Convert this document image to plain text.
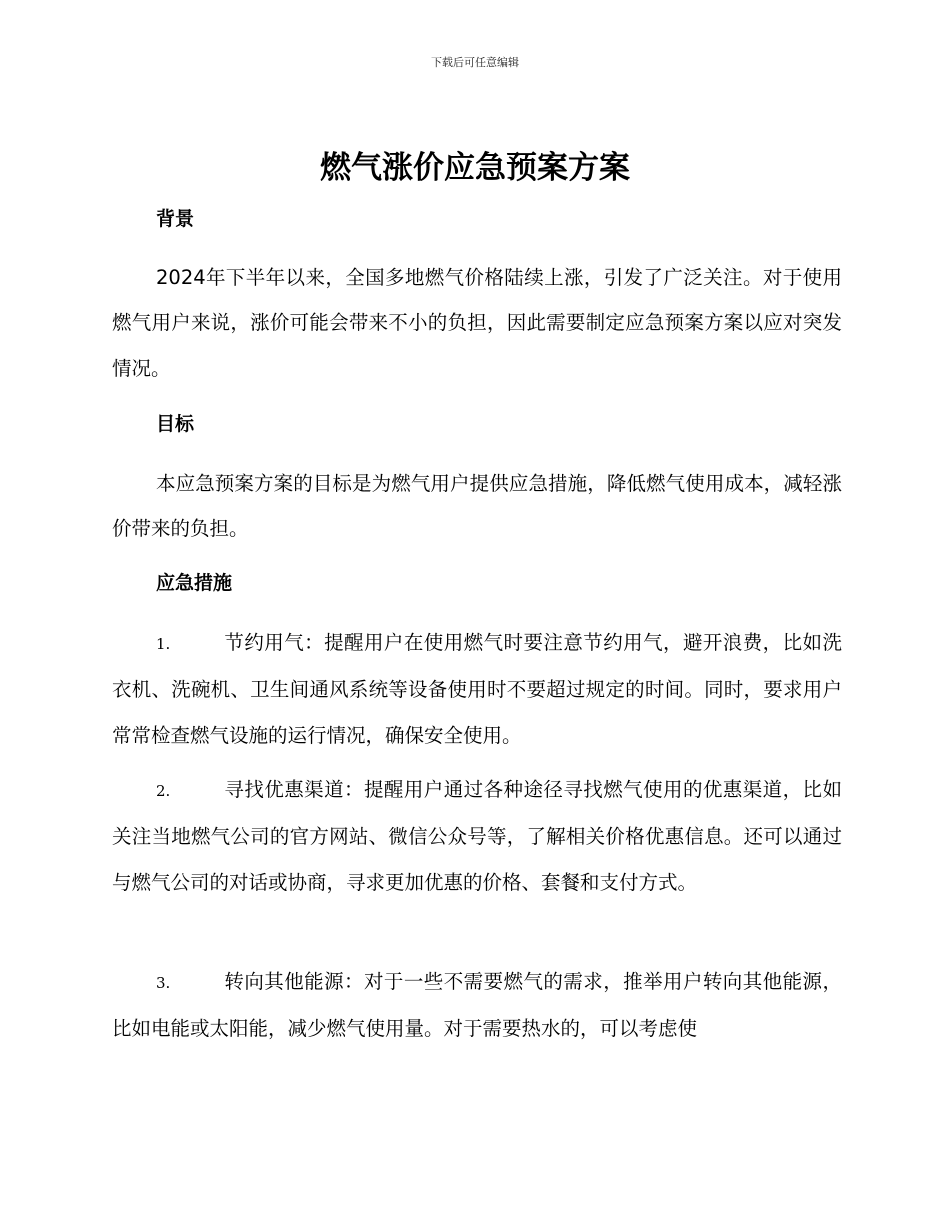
下载后可任意编辑
燃气涨价应急预案方案
背景

2024年下半年以来，全国多地燃气价格陆续上涨，引发了广泛关注。对于使用燃气用户来说，涨价可能会带来不小的负担，因此需要制定应急预案方案以应对突发情况。

目标

本应急预案方案的目标是为燃气用户提供应急措施，降低燃气使用成本，减轻涨价带来的负担。

应急措施

1.	节约用气：提醒用户在使用燃气时要注意节约用气，避开浪费，比如洗衣机、洗碗机、卫生间通风系统等设备使用时不要超过规定的时间。同时，要求用户常常检查燃气设施的运行情况，确保安全使用。

2.	寻找优惠渠道：提醒用户通过各种途径寻找燃气使用的优惠渠道，比如关注当地燃气公司的官方网站、微信公众号等，了解相关价格优惠信息。还可以通过与燃气公司的对话或协商，寻求更加优惠的价格、套餐和支付方式。

3.	转向其他能源：对于一些不需要燃气的需求，推举用户转向其他能源，比如电能或太阳能，减少燃气使用量。对于需要热水的，可以考虑使
